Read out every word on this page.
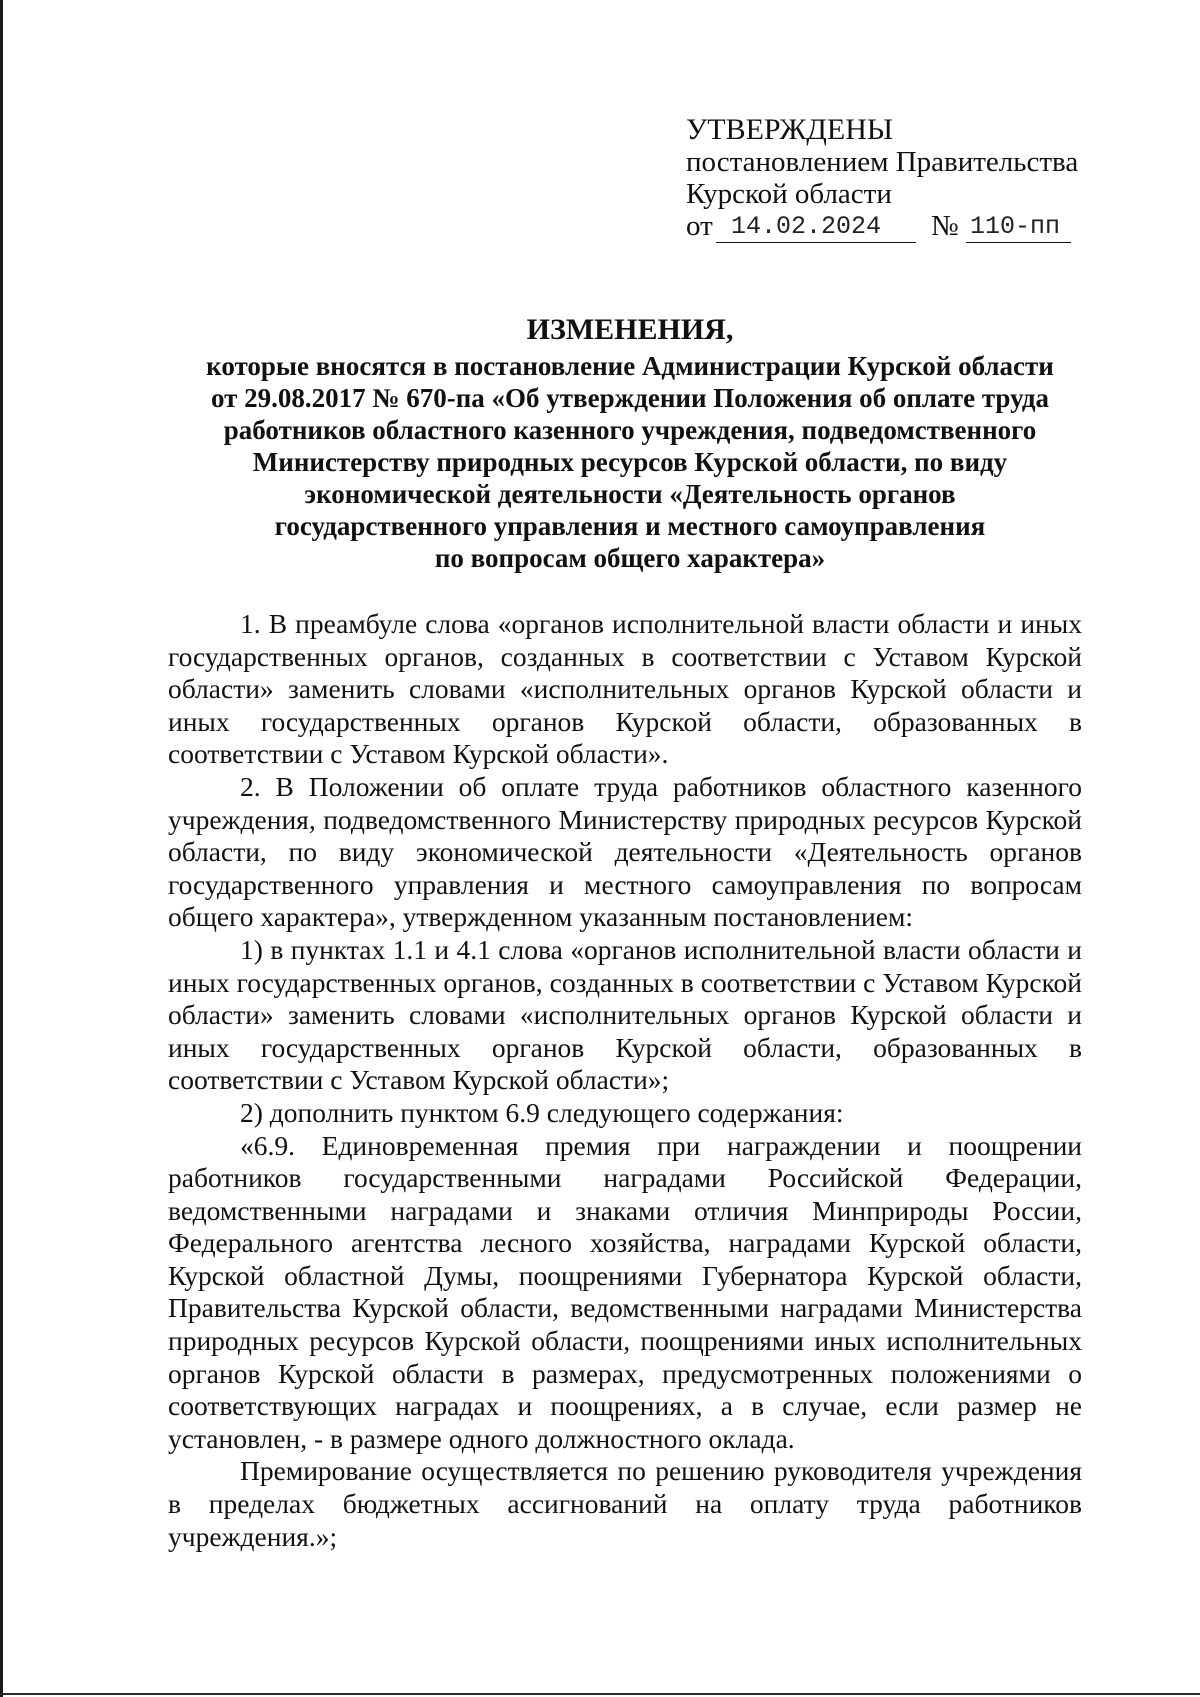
УТВЕРЖДЕНЫ
постановлением Правительства
Курской области
от 14.02.2024	№ 110-пп
ИЗМЕНЕНИЯ,
которые вносятся в постановление Администрации Курской области
от 29.08.2017 № 670-па «Об утверждении Положения об оплате труда
работников областного казенного учреждения, подведомственного
Министерству природных ресурсов Курской области, по виду
экономической деятельности «Деятельность органов
государственного управления и местного самоуправления
по вопросам общего характера»

1. В преамбуле слова «органов исполнительной власти области и иных государственных органов, созданных в соответствии с Уставом Курской области» заменить словами «исполнительных органов Курской области и иных государственных органов Курской области, образованных в соответствии с Уставом Курской области».

2. В Положении об оплате труда работников областного казенного учреждения, подведомственного Министерству природных ресурсов Курской области, по виду экономической деятельности «Деятельность органов государственного управления и местного самоуправления по вопросам общего характера», утвержденном указанным постановлением:

1) в пунктах 1.1 и 4.1 слова «органов исполнительной власти области и иных государственных органов, созданных в соответствии с Уставом Курской области» заменить словами «исполнительных органов Курской области и иных государственных органов Курской области, образованных в соответствии с Уставом Курской области»;

2) дополнить пунктом 6.9 следующего содержания:

«6.9. Единовременная премия при награждении и поощрении работников государственными наградами Российской Федерации, ведомственными наградами и знаками отличия Минприроды России, Федерального агентства лесного хозяйства, наградами Курской области, Курской областной Думы, поощрениями Губернатора Курской области, Правительства Курской области, ведомственными наградами Министерства природных ресурсов Курской области, поощрениями иных исполнительных органов Курской области в размерах, предусмотренных положениями о соответствующих наградах и поощрениях, а в случае, если размер не установлен, - в размере одного должностного оклада.

Премирование осуществляется по решению руководителя учреждения в пределах бюджетных ассигнований на оплату труда работников учреждения.»;
